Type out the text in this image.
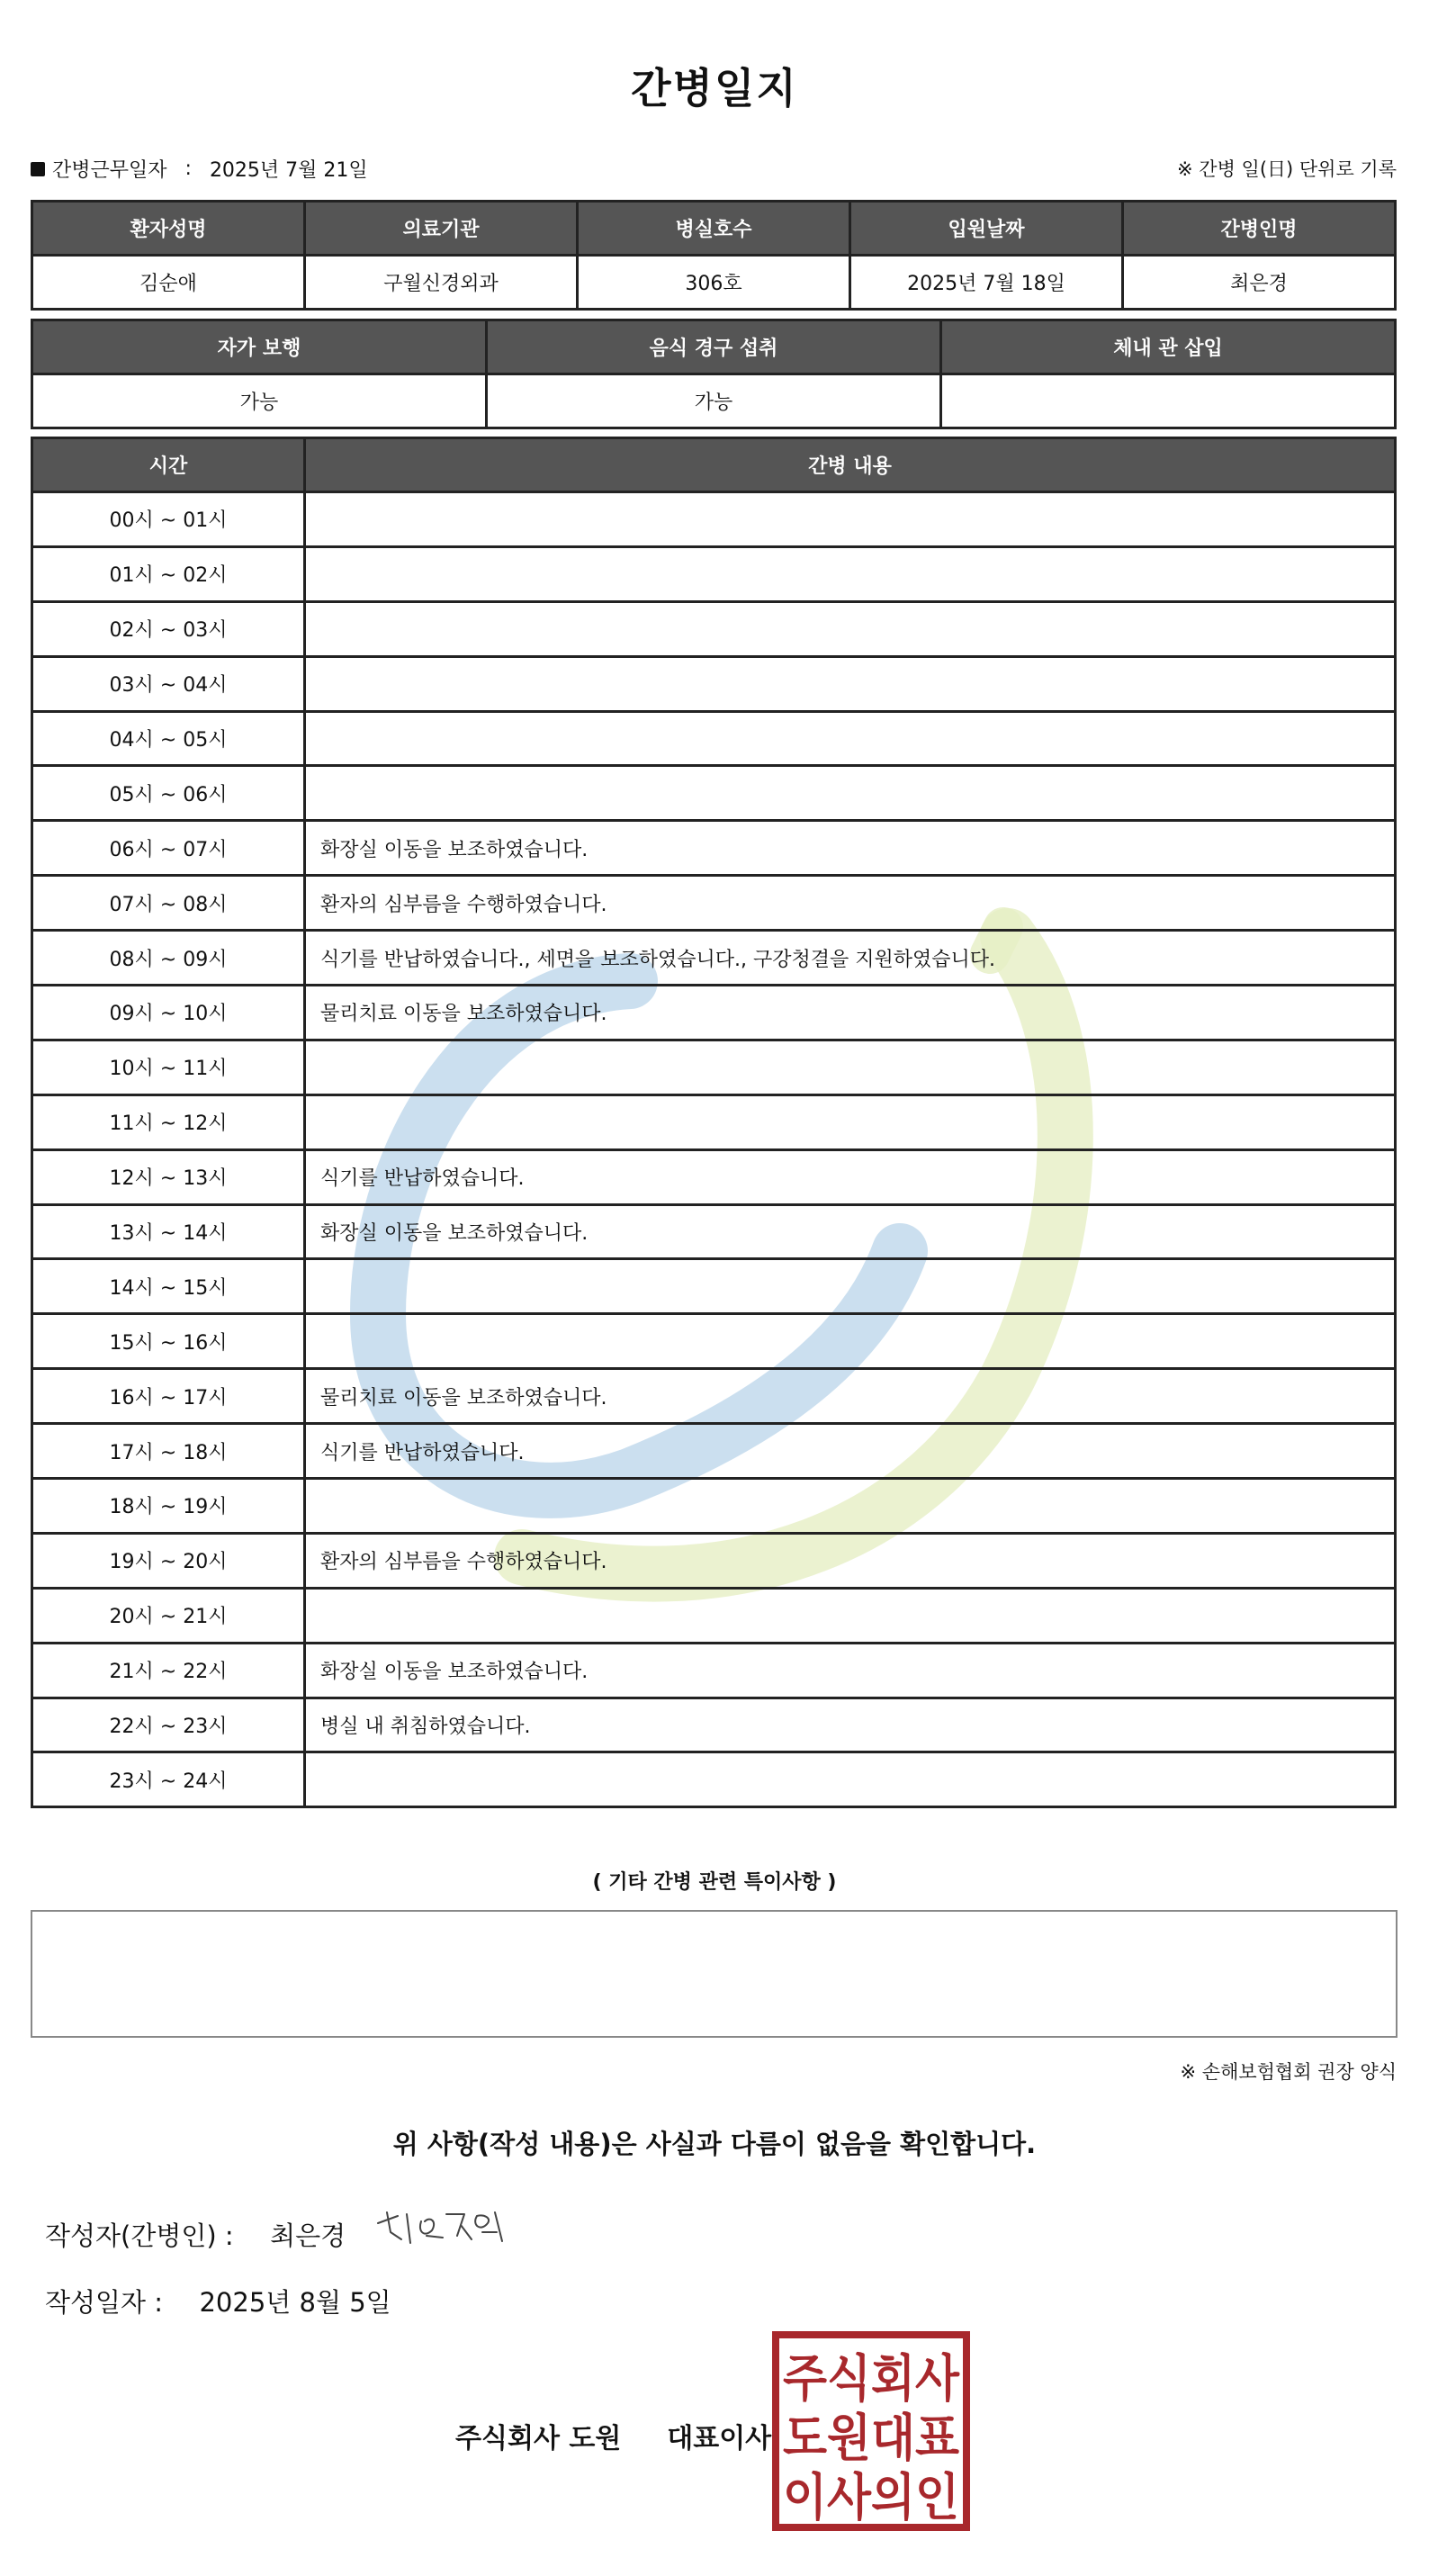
간병일지
간병근무일자 : 2025년 7월 21일	※ 간병 일(日) 단위로 기록
환자성명	의료기관	병실호수	입원날짜	간병인명
김순애	구월신경외과	306호	2025년 7월 18일	최은경
자가 보행	음식 경구 섭취	체내 관 삽입
가능	가능	
시간	간병 내용
00시 ~ 01시	
01시 ~ 02시	
02시 ~ 03시	
03시 ~ 04시	
04시 ~ 05시	
05시 ~ 06시	
06시 ~ 07시	화장실 이동을 보조하였습니다.
07시 ~ 08시	환자의 심부름을 수행하였습니다.
08시 ~ 09시	식기를 반납하였습니다., 세면을 보조하였습니다., 구강청결을 지원하였습니다.
09시 ~ 10시	물리치료 이동을 보조하였습니다.
10시 ~ 11시	
11시 ~ 12시	
12시 ~ 13시	식기를 반납하였습니다.
13시 ~ 14시	화장실 이동을 보조하였습니다.
14시 ~ 15시	
15시 ~ 16시	
16시 ~ 17시	물리치료 이동을 보조하였습니다.
17시 ~ 18시	식기를 반납하였습니다.
18시 ~ 19시	
19시 ~ 20시	환자의 심부름을 수행하였습니다.
20시 ~ 21시	
21시 ~ 22시	화장실 이동을 보조하였습니다.
22시 ~ 23시	병실 내 취침하였습니다.
23시 ~ 24시	
( 기타 간병 관련 특이사항 )
※ 손해보험협회 권장 양식
위 사항(작성 내용)은 사실과 다름이 없음을 확인합니다.
작성자(간병인) : 최은경
작성일자 : 2025년 8월 5일
주식회사 도원 대표이사
주식회사
도원대표
이사의인
